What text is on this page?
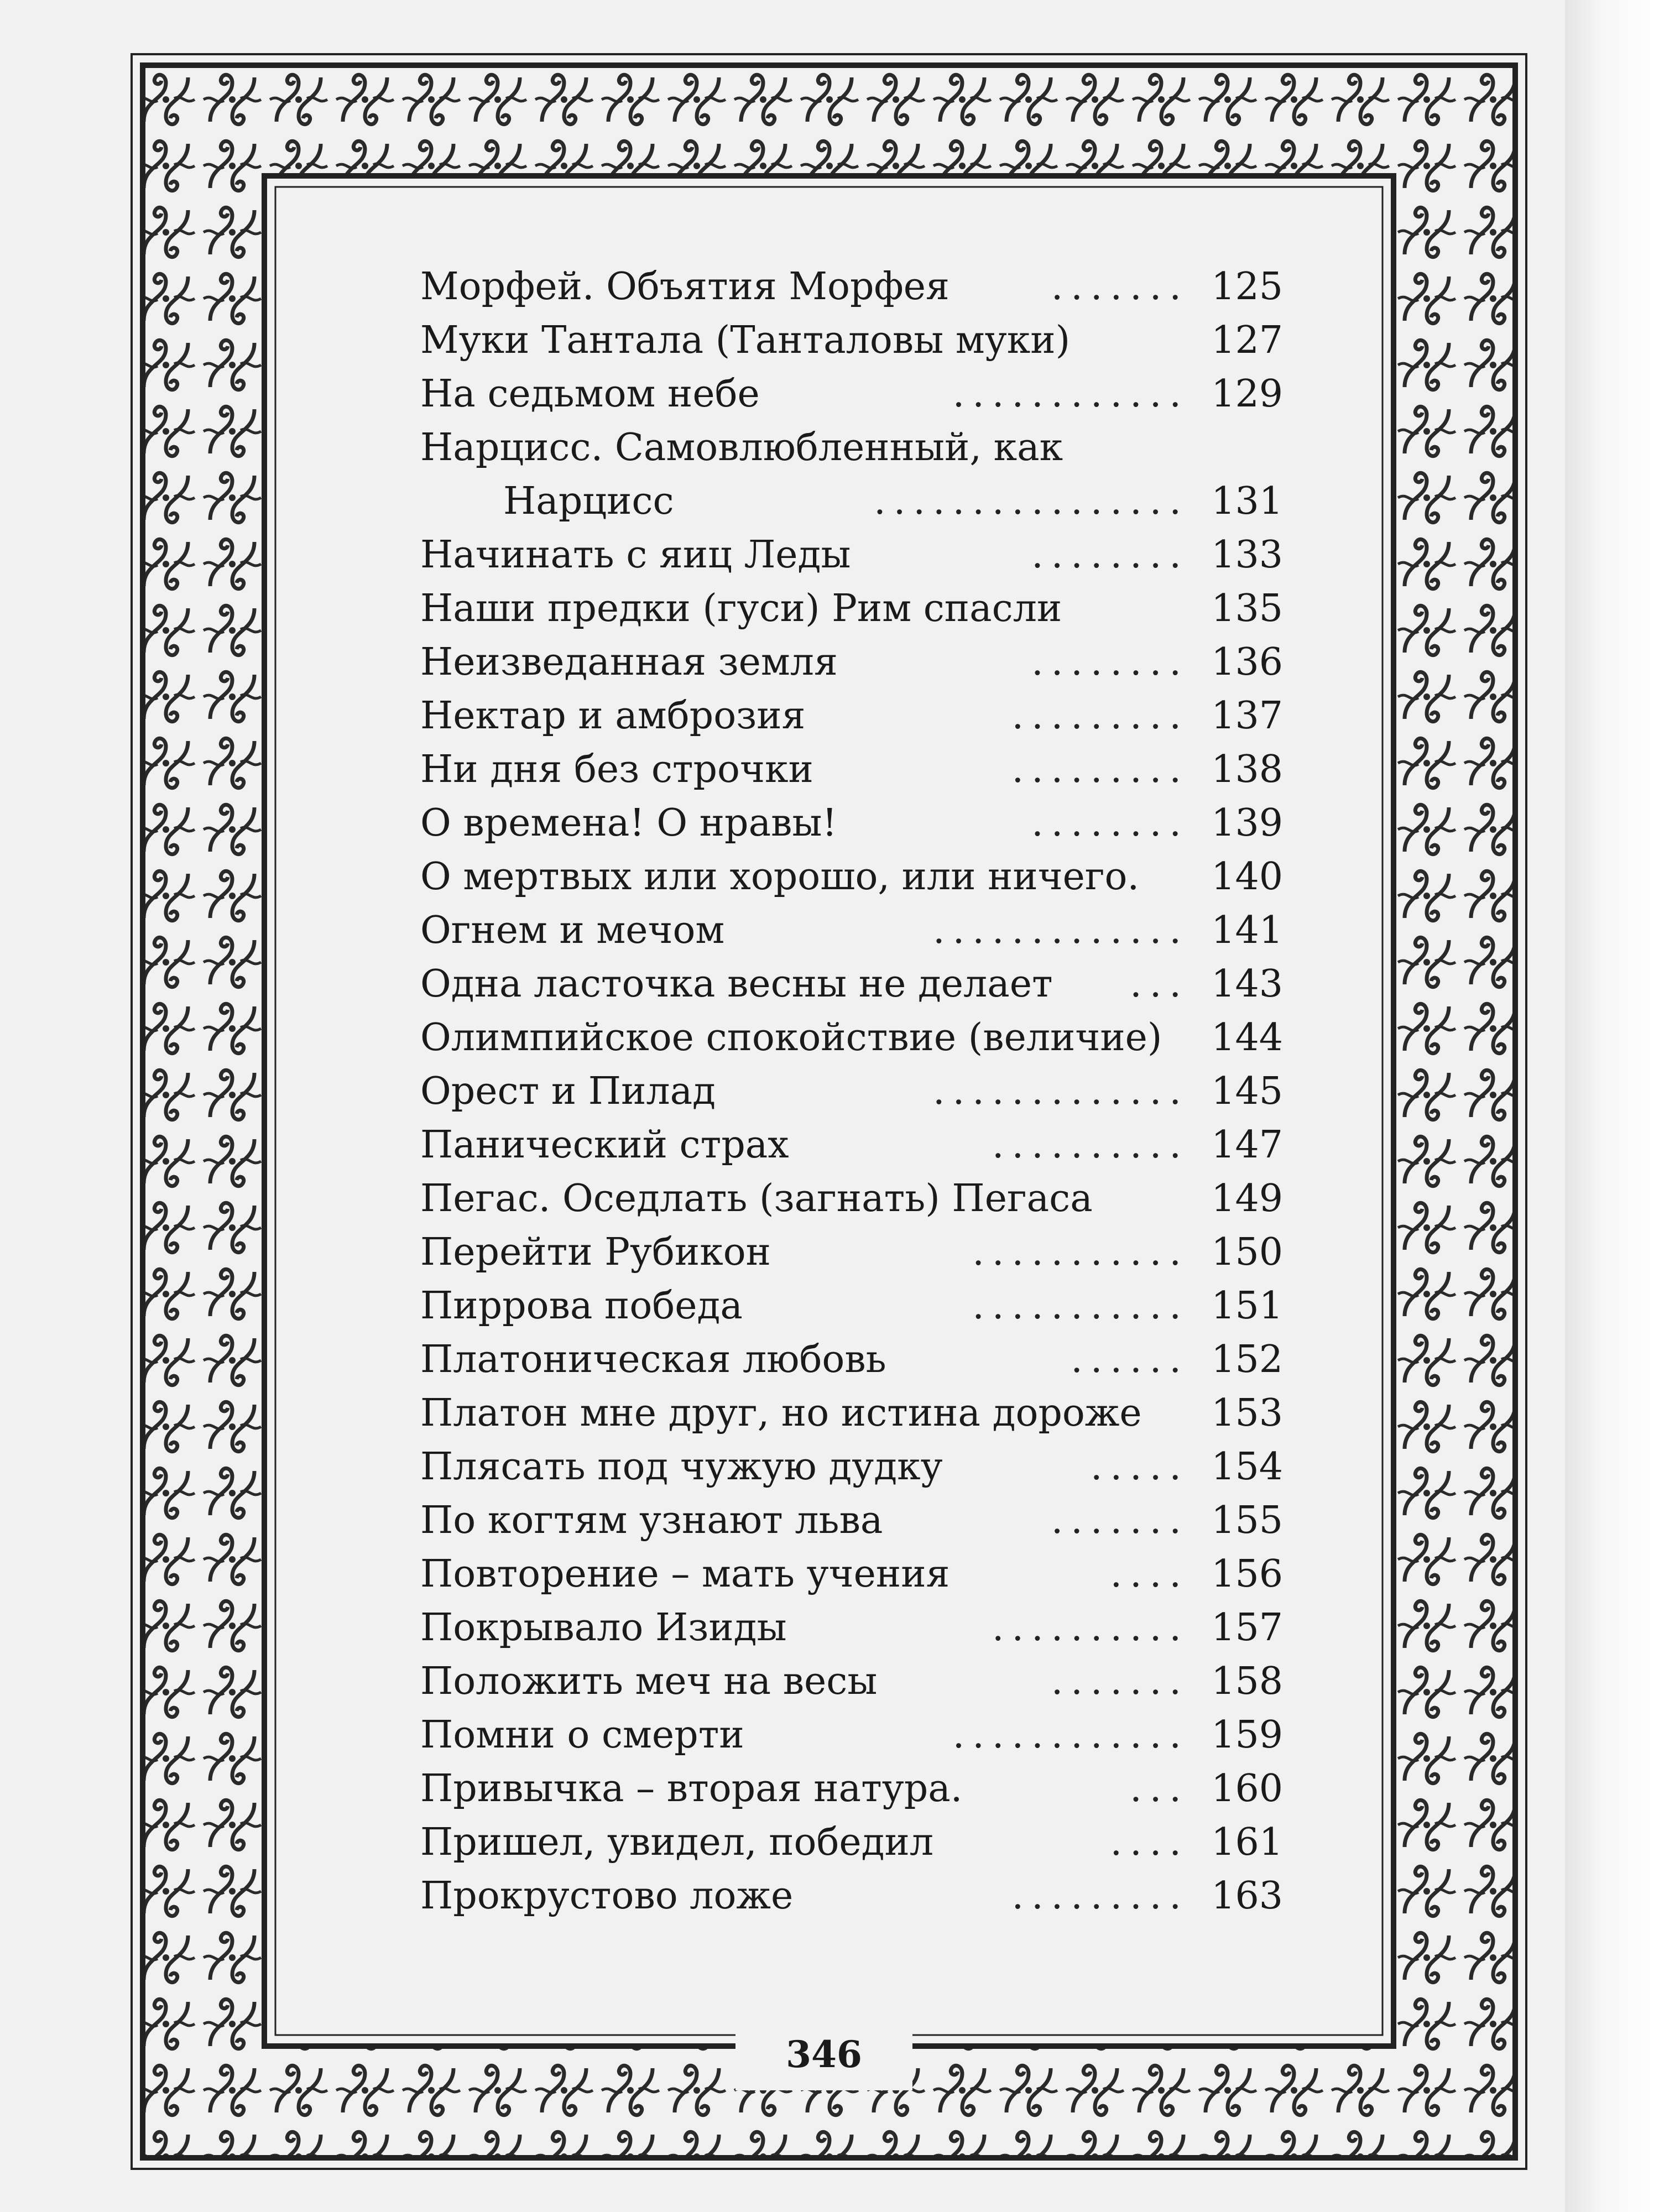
Морфей. Объятия Морфея	....... 125
Муки Тантала (Танталовы муки)	127
На седьмом небе	............ 129
Нарцисс. Самовлюбленный, как
Нарцисс	................ 131
Начинать с яиц Леды	........ 133
Наши предки (гуси) Рим спасли	135
Неизведанная земля	........ 136
Нектар и амброзия	......... 137
Ни дня без строчки	......... 138
О времена! О нравы!	........ 139
О мертвых или хорошо, или ничего. 140
Огнем и мечом	............. 141
Одна ласточка весны не делает ... 143
Олимпийское спокойствие (величие) 144
Орест и Пилад	............. 145
Панический страх	.......... 147
Пегас. Оседлать (загнать) Пегаса	149
Перейти Рубикон	........... 150
Пиррова победа	........... 151
Платоническая любовь	...... 152
Платон мне друг, но истина дороже 153
Плясать под чужую дудку	..... 154
По когтям узнают льва	....... 155
Повторение – мать учения	.... 156
Покрывало Изиды	.......... 157
Положить меч на весы	....... 158
Помни о смерти	............ 159
Привычка – вторая натура.	... 160
Пришел, увидел, победил	.... 161
Прокрустово ложе	......... 163
346
